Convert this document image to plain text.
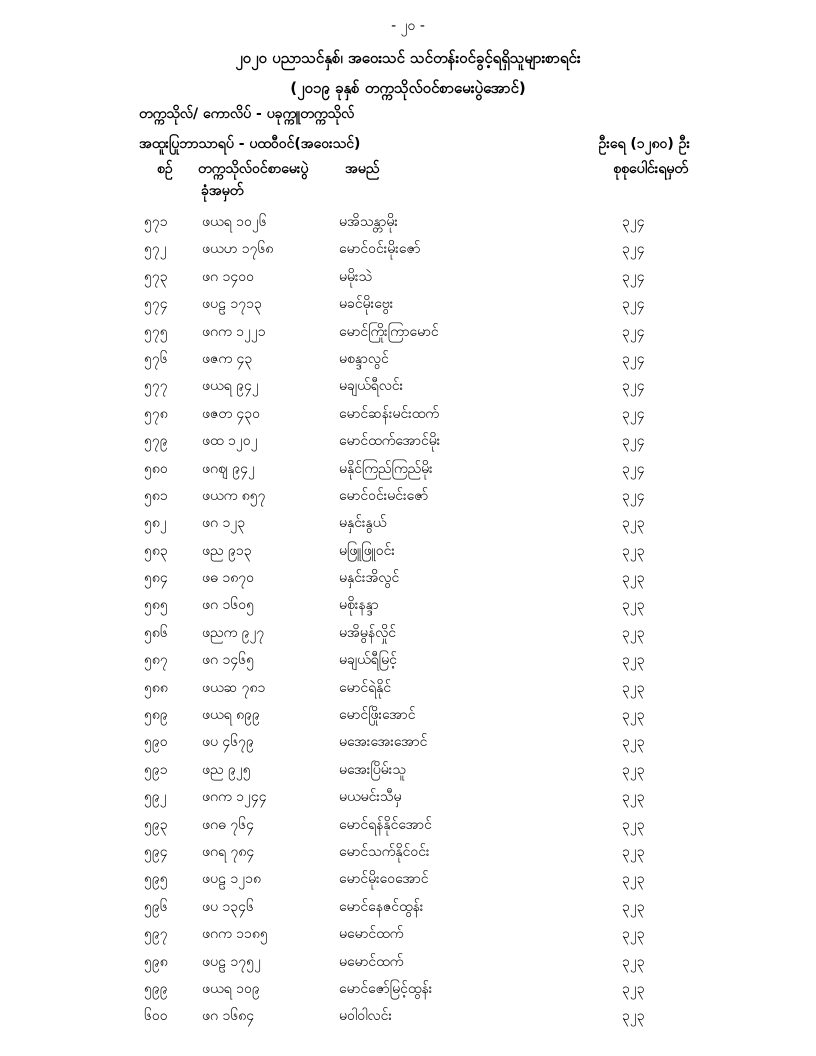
- ၂၀ -
၂၀၂၀ ပညာသင်နှစ်၊ အဝေးသင် သင်တန်းဝင်ခွင့်ရရှိသူများစာရင်း
(၂၀၁၉ ခုနှစ် တက္ကသိုလ်ဝင်စာမေးပွဲအောင်)
တက္ကသိုလ်/ ကောလိပ် - ပခုက္ကူတက္ကသိုလ်
အထူးပြုဘာသာရပ် - ပထဝီဝင်(အဝေးသင်)	ဦးရေ (၁၂၈၀) ဦး
စဉ် တက္ကသိုလ်ဝင်စာမေးပွဲ
ခုံအမှတ်
အမည်	စုစုပေါင်းရမှတ်
၅၇၁ ဖယရ ၁၀၂၆	မအိသန္တာမိုး	၃၂၄
၅၇၂	ဖယဟ ၁၇၆၈	မောင်ဝင်းမိုးဇော်	၃၂၄
၅၇၃ ဖဂ ၁၄၀၀	မမိုးသဲ	၃၂၄
၅၇၄ ဖပဠ ၁၇၁၃	မခင်မိုးဗွေး	၃၂၄
၅၇၅ ဖဂက ၁၂၂၁	မောင်ကြိုးကြာမောင်	၃၂၄
၅၇၆ ဖဇက ၄၃	မစန္ဒာလွင်	၃၂၄
၅၇၇ ဖယရ ၉၄၂	မချယ်ရီလင်း	၃၂၄
၅၇၈ ဖဇတ ၄၃၀	မောင်ဆန်းမင်းထက်	၃၂၄
၅၇၉ ဖထ ၁၂၀၂	မောင်ထက်အောင်မိုး	၃၂၄
၅၈၀ ဖဂဈ ၉၄၂	မနိုင်ကြည်ကြည်မိုး	၃၂၄
၅၈၁ ဖယက ၈၅၇	မောင်ဝင်းမင်းဇော်	၃၂၄
၅၈၂	ဖဂ ၁၂၃	မနှင်းနွယ်	၃၂၃
၅၈၃ ဖည ၉၁၃	မဖြူဖြူဝင်း	၃၂၃
၅၈၄ ဖဓ ၁၈၇၀	မနှင်းအိလွင်	၃၂၃
၅၈၅ ဖဂ ၁၆၀၅	မစိုးနန္ဒာ	၃၂၃
၅၈၆ ဖညက ၉၂၇	မအိမွန်လှိုင်	၃၂၃
၅၈၇ ဖဂ ၁၄၆၅	မချယ်ရီမြင့်	၃၂၃
၅၈၈ ဖယဆ ၇၈၁	မောင်ရဲနိုင်	၃၂၃
၅၈၉ ဖယရ ၈၉၉	မောင်ဖြိုးအောင်	၃၂၃
၅၉၀ ဖပ ၄၆၇၉	မအေးအေးအောင်	၃၂၃
၅၉၁ ဖည ၉၂၅	မအေးပြိမ်းသူ	၃၂၃
၅၉၂	ဖဂက ၁၂၄၄	မယမင်းသီမှ	၃၂၃
၅၉၃ ဖဂဓ ၇၆၄	မောင်ရန်နိုင်အောင်	၃၂၃
၅၉၄ ဖဂရ ၇၈၄	မောင်သက်နိုင်ဝင်း	၃၂၃
၅၉၅ ဖပဠ ၁၂၁၈	မောင်မိုးဝေအောင်	၃၂၃
၅၉၆ ဖပ ၁၃၄၆	မောင်နေဇင်ထွန်း	၃၂၃
၅၉၇ ဖဂက ၁၁၈၅	မမောင်ထက်	၃၂၃
၅၉၈ ဖပဠ ၁၇၅၂	မမောင်ထက်	၃၂၃
၅၉၉ ဖယရ ၁၀၉	မောင်ဇော်မြင့်ထွန်း	၃၂၃
၆၀၀ ဖဂ ၁၆၈၄	မဝါဝါလင်း	၃၂၃
